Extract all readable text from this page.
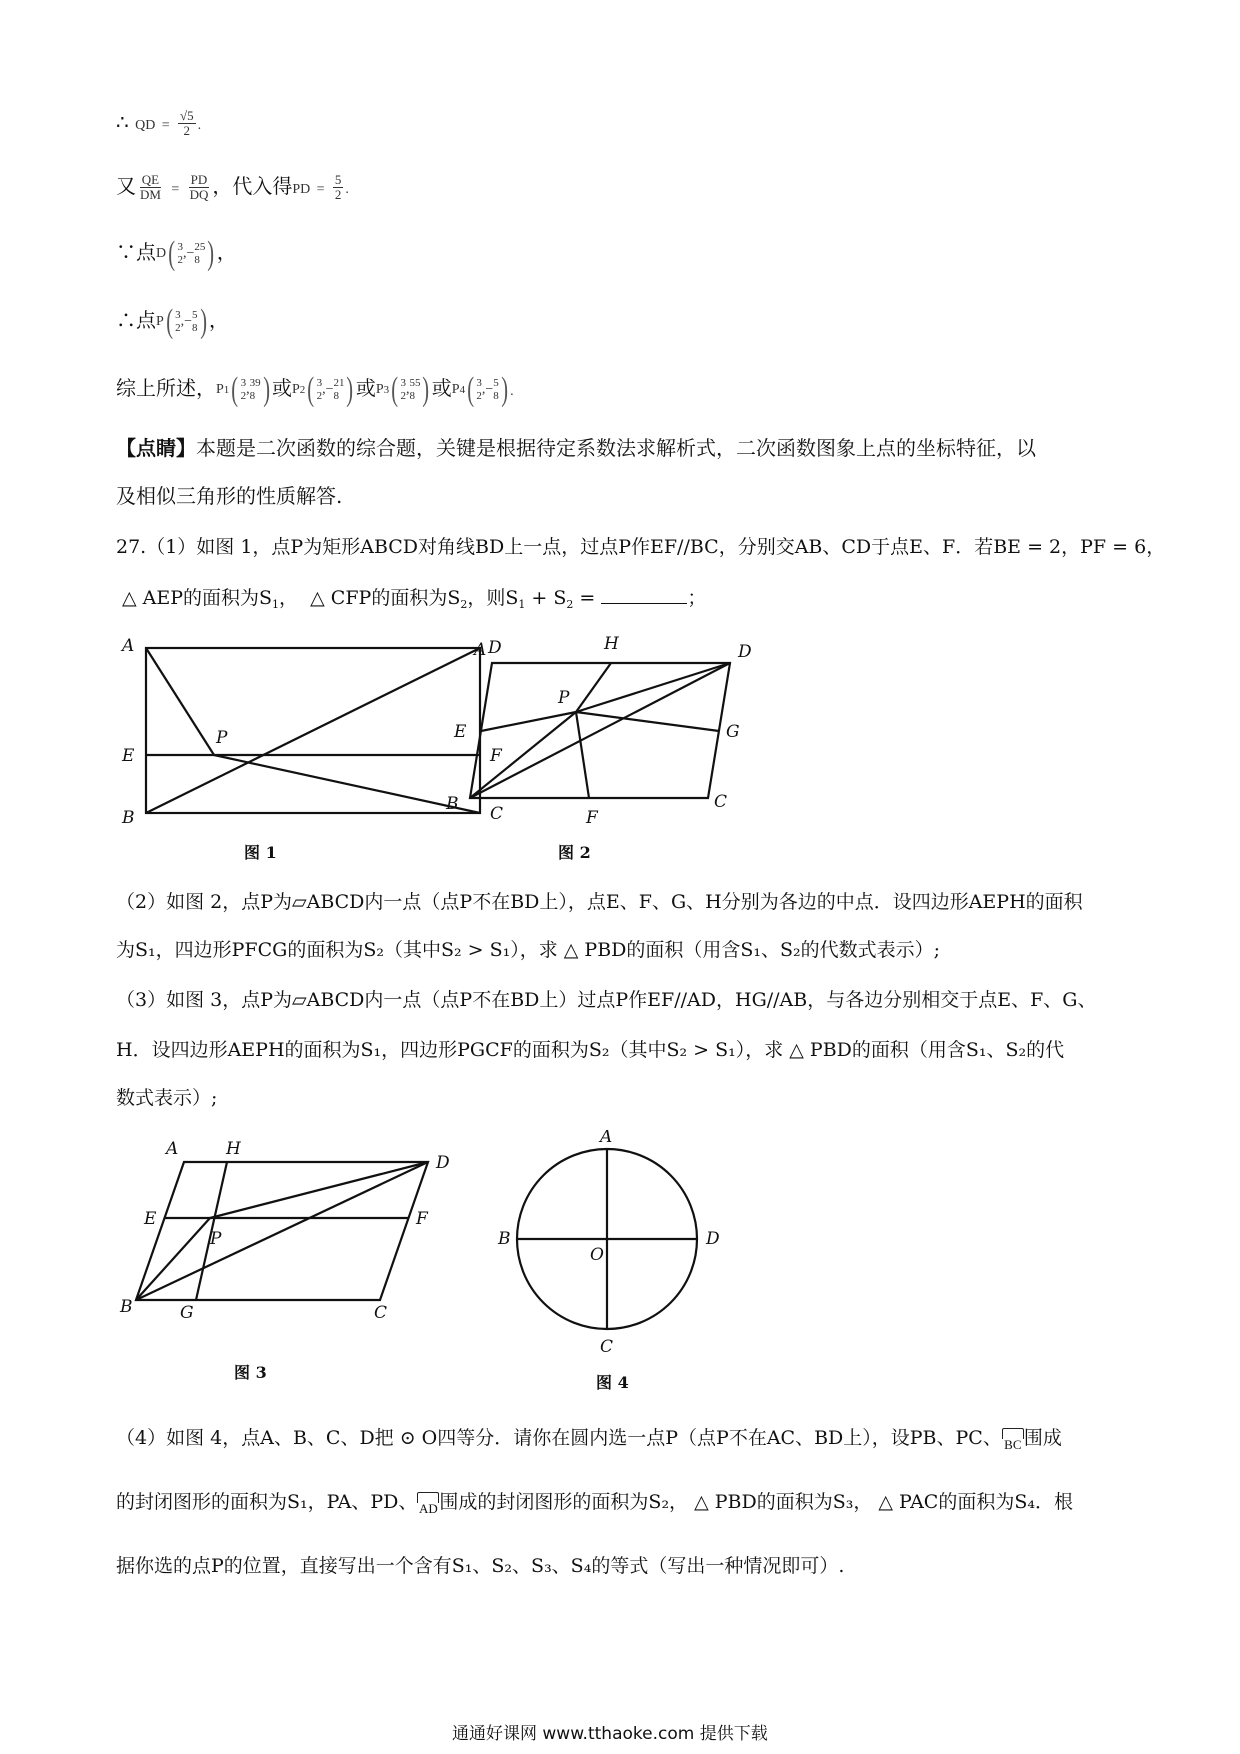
∴ QD = $\frac{√5}{2}$ .
又 $\frac{QE}{DM} = \frac{PD}{DQ}$ ，代入得PD = $\frac{5}{2}$ .
∵点 D ( 3
2 ,− 25
8 ) ，
∴点 P ( 3
2 ,− 5
8 ) ，
综上所述， P 1 ( 3
2 , 39
8 ) 或 P 2 ( 3
2 ,− 21
8 ) 或 P 3 ( 3
2 , 55
8 ) 或 P 4 ( 3
2 ,− 5
8 ) .
【点睛】本题是二次函数的综合题，关键是根据待定系数法求解析式，二次函数图象上点的坐标特征，以
及相似三角形的性质解答.
27.（1）如图 1，点P为矩形ABCD对角线BD上一点，过点P作EF//BC，分别交AB、CD于点E、F．若BE = 2，PF = 6，
△ AEP的面积为$S_1$， △ CFP的面积为$S_2$，则$S_1 + S_2$ =	；
A	D
P
E	F
B	C
图 1
A	H	D
P
E	G
B	C
F
图 2
（2）如图 2，点P为▱ABCD内一点（点P不在BD上），点E、F、G、H分别为各边的中点．设四边形AEPH的面积
为S₁，四边形PFCG的面积为S₂（其中S₂ > S₁），求 △ PBD的面积（用含S₁、S₂的代数式表示）;
（3）如图 3，点P为▱ABCD内一点（点P不在BD上）过点P作EF//AD，HG//AB，与各边分别相交于点E、F、G、
H．设四边形AEPH的面积为S₁，四边形PGCF的面积为S₂（其中S₂ > S₁），求 △ PBD的面积（用含S₁、S₂的代
数式表示）;
A	H
D
E	F
P
B	G	C
图 3
A
B	D
O
C
图 4
（4）如图 4，点A、B、C、D把 ⊙ O四等分．请你在圆内选一点P（点P不在AC、BD上），设PB、PC、 BC 围成
的封闭图形的面积为S₁，PA、PD、 AD 围成的封闭图形的面积为S₂， △ PBD的面积为S₃， △ PAC的面积为S₄．根
据你选的点P的位置，直接写出一个含有S₁、S₂、S₃、S₄的等式（写出一种情况即可）.
通通好课网 www.tthaoke.com 提供下载
